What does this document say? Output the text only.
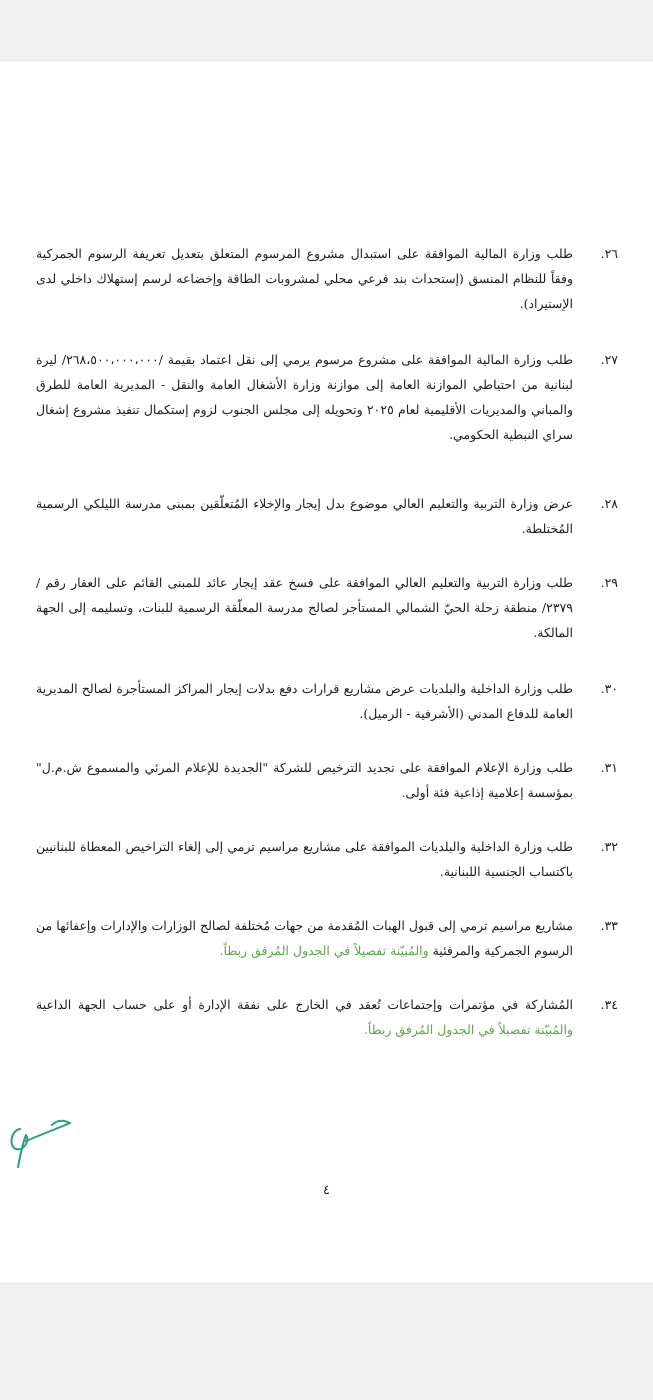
٢٦.
طلب وزارة المالية الموافقة على استبدال مشروع المرسوم المتعلق بتعديل تعريفة الرسوم الجمركية وفقاً للنظام المنسق (إستحداث بند فرعي محلي لمشروبات الطاقة وإخضاعه لرسم إستهلاك داخلي لدى الإستيراد).
٢٧.
طلب وزارة المالية الموافقة على مشروع مرسوم يرمي إلى نقل اعتماد بقيمة /٢٦٨،٥٠٠،٠٠٠،٠٠٠/ ليرة لبنانية من احتياطي الموازنة العامة إلى موازنة وزارة الأشغال العامة والنقل - المديرية العامة للطرق والمباني والمديريات الأقليمية لعام ٢٠٢٥ وتحويله إلى مجلس الجنوب لزوم إستكمال تنفيذ مشروع إشغال سراي النبطية الحكومي.
٢٨.
عرض وزارة التربية والتعليم العالي موضوع بدل إيجار والإخلاء المُتعلّقين بمبنى مدرسة الليلكي الرسمية المُختلطة.
٢٩.
طلب وزارة التربية والتعليم العالي الموافقة على فسخ عقد إيجار عائد للمبنى القائم على العقار رقم /٢٣٧٩/ منطقة زحلة الحيّ الشمالي المستأجر لصالح مدرسة المعلّقة الرسمية للبنات، وتسليمه إلى الجهة المالكة.
٣٠.
طلب وزارة الداخلية والبلديات عرض مشاريع قرارات دفع بدلات إيجار المراكز المستأجرة لصالح المديرية العامة للدفاع المدني (الأشرفية - الرميل).
٣١.
طلب وزارة الإعلام الموافقة على تجديد الترخيص للشركة "الجديدة للإعلام المرئي والمسموع ش.م.ل" بمؤسسة إعلامية إذاعية فئة أولى.
٣٢.
طلب وزارة الداخلية والبلديات الموافقة على مشاريع مراسيم ترمي إلى إلغاء التراخيص المعطاة للبنانيين باكتساب الجنسية اللبنانية.
٣٣.
مشاريع مراسيم ترمي إلى قبول الهبات المُقدمة من جهات مُختلفة لصالح الوزارات والإدارات وإعفائها من الرسوم الجمركية والمرفئية والمُبيّنة تفصيلاً في الجدول المُرفق ربطاً.
٣٤.
المُشاركة في مؤتمرات وإجتماعات تُعقد في الخارج على نفقة الإدارة أو على حساب الجهة الداعية والمُبيّنة تفصيلاً في الجدول المُرفق ربطاً.
٤
